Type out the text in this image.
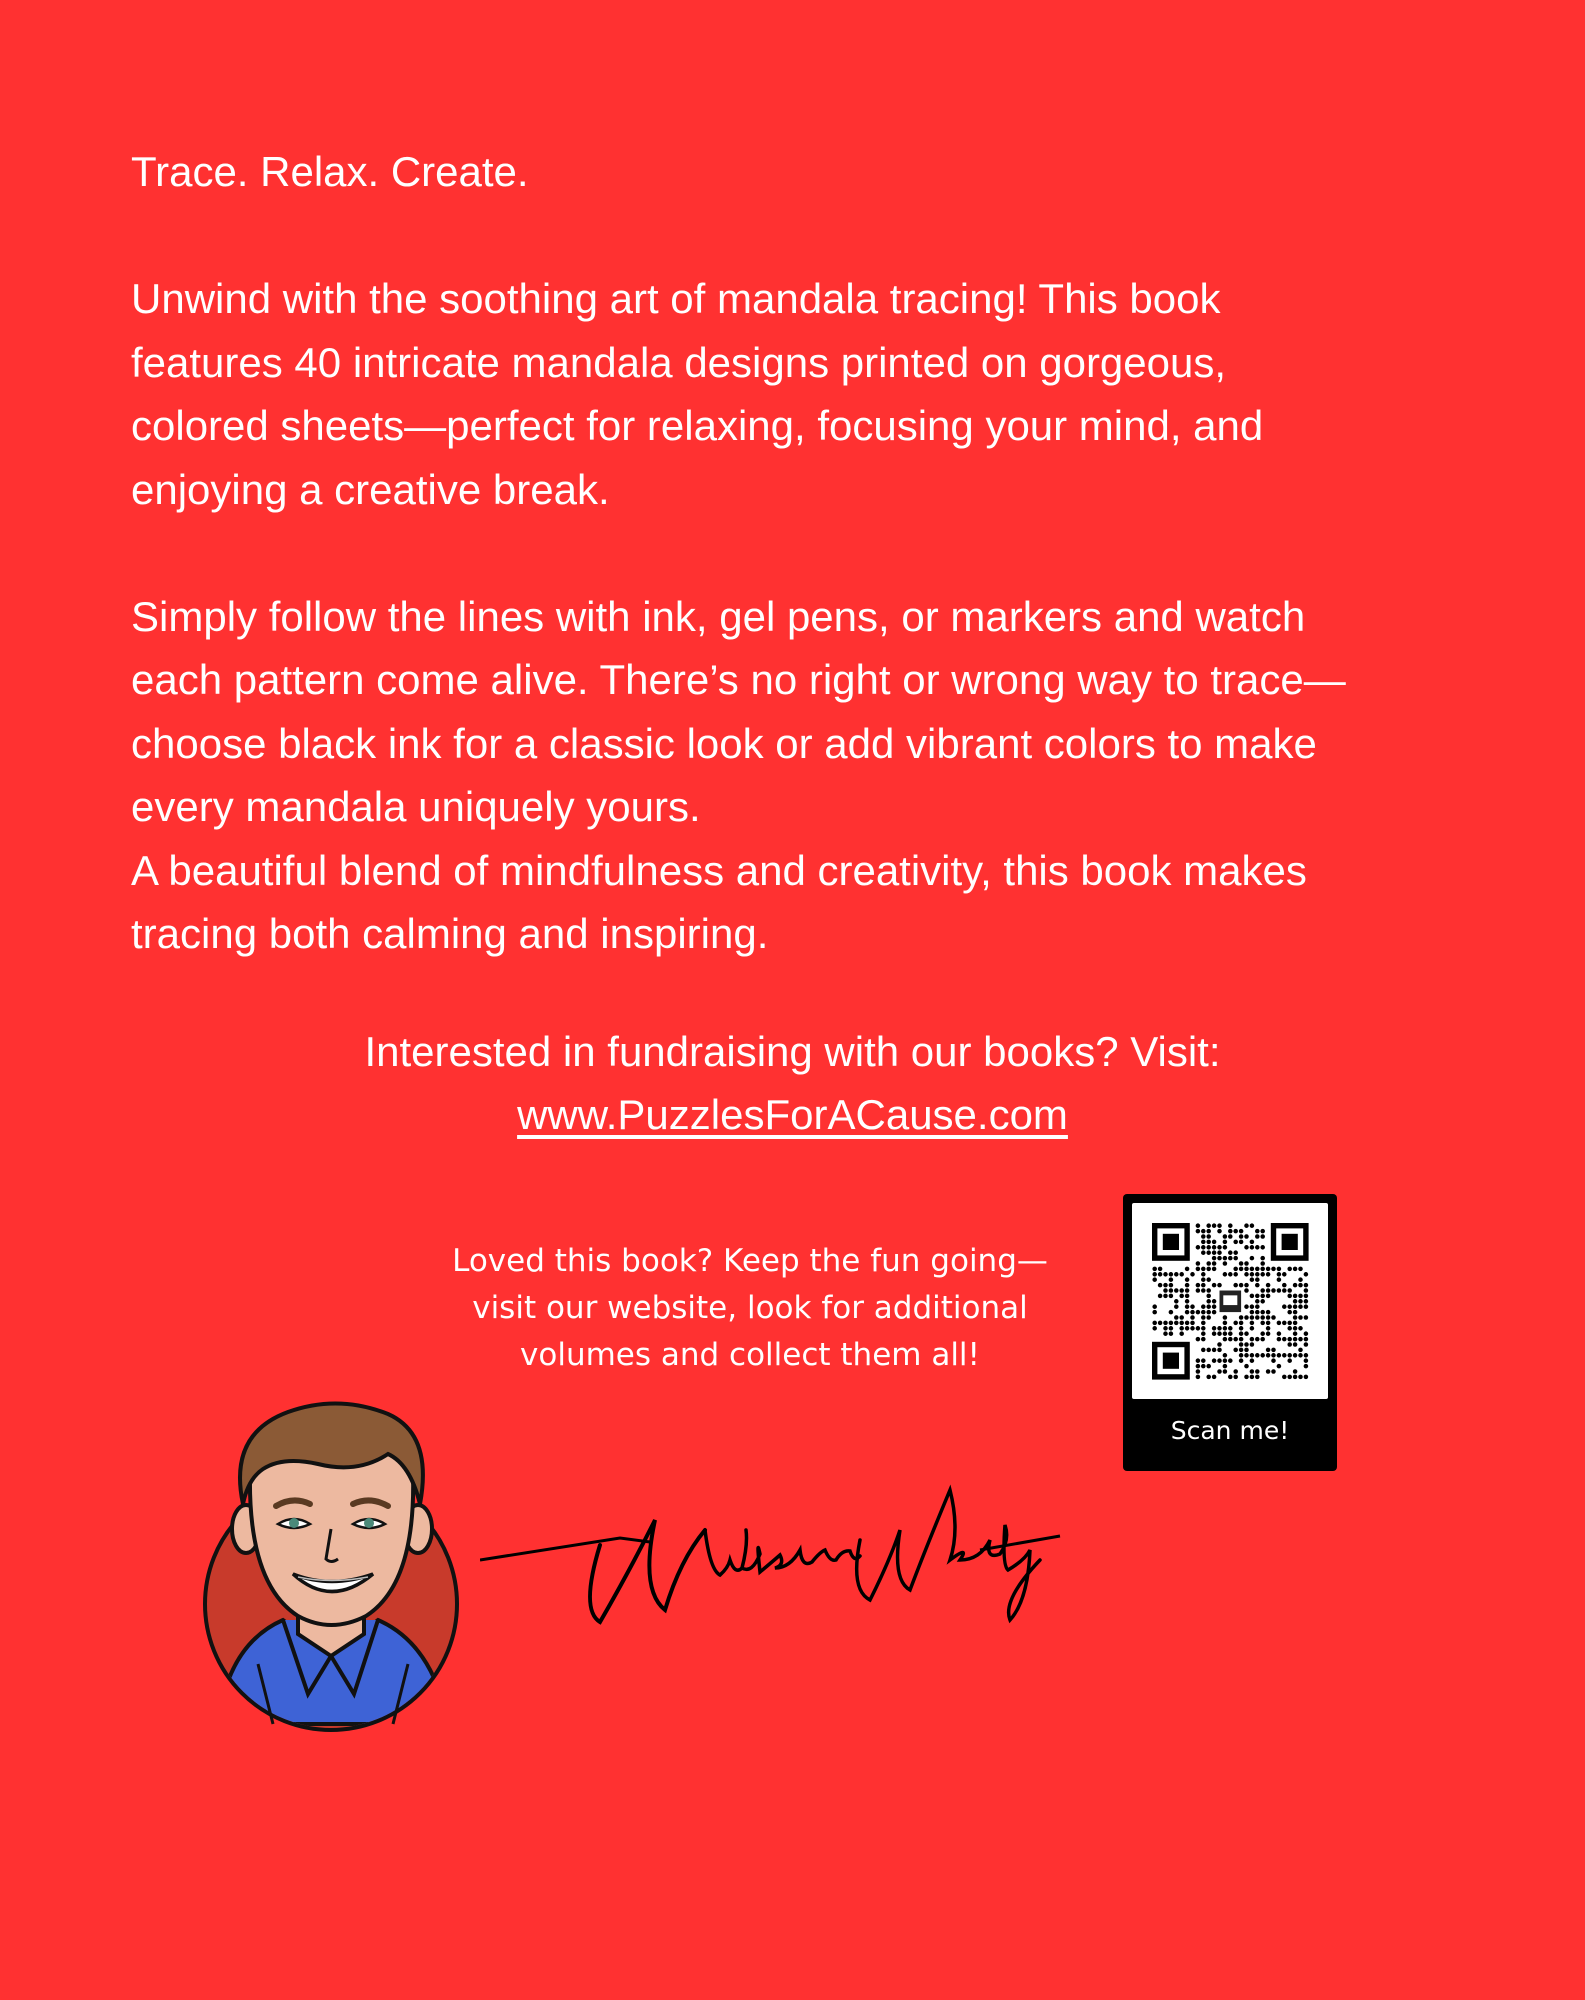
Trace. Relax. Create.

Unwind with the soothing art of mandala tracing! This book

features 40 intricate mandala designs printed on gorgeous,

colored sheets—perfect for relaxing, focusing your mind, and

enjoying a creative break.

Simply follow the lines with ink, gel pens, or markers and watch

each pattern come alive. There’s no right or wrong way to trace—

choose black ink for a classic look or add vibrant colors to make

every mandala uniquely yours.

A beautiful blend of mindfulness and creativity, this book makes

tracing both calming and inspiring.

Interested in fundraising with our books? Visit:
www.PuzzlesForACause.com
Loved this book? Keep the fun going—
visit our website, look for additional
volumes and collect them all!
Scan me!
